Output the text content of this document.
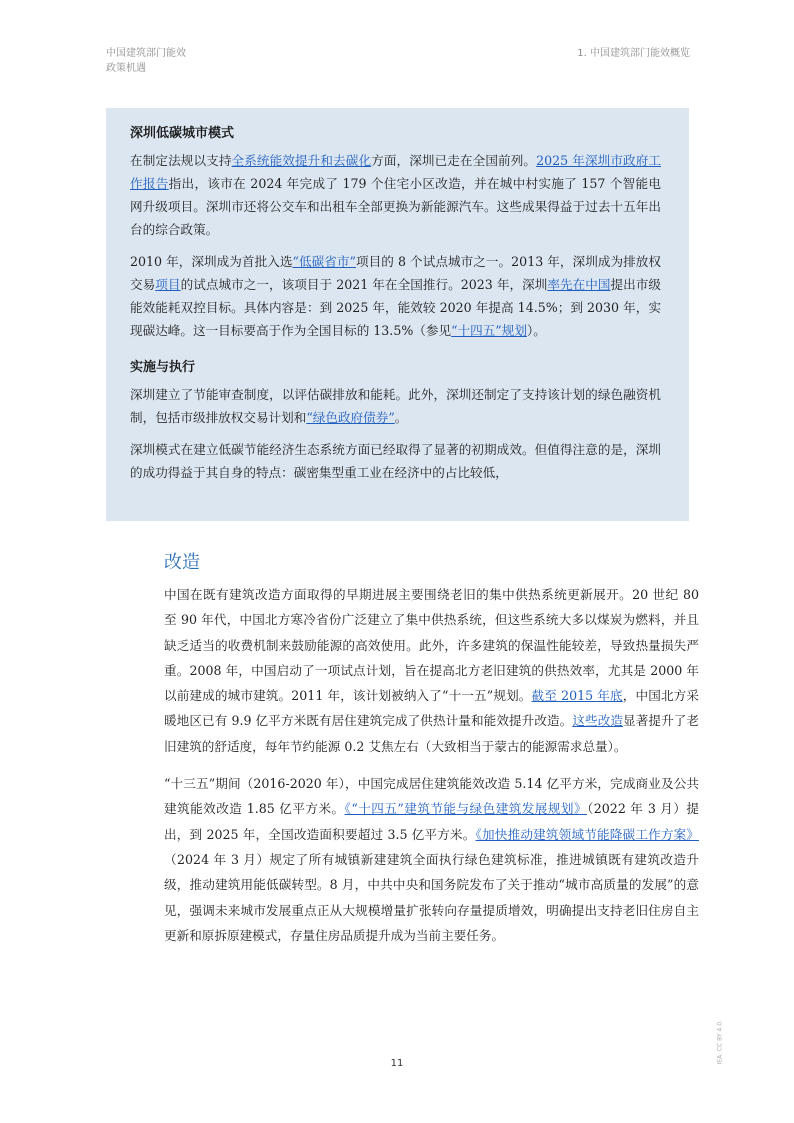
中国建筑部门能效
政策机遇
1. 中国建筑部门能效概览
深圳低碳城市模式

在制定法规以支持全系统能效提升和去碳化方面，深圳已走在全国前列。2025 年深圳市政府工作报告指出，该市在 2024 年完成了 179 个住宅小区改造，并在城中村实施了 157 个智能电网升级项目。深圳市还将公交车和出租车全部更换为新能源汽车。这些成果得益于过去十五年出台的综合政策。

2010 年，深圳成为首批入选“低碳省市”项目的 8 个试点城市之一。2013 年，深圳成为排放权交易项目的试点城市之一，该项目于 2021 年在全国推行。2023 年，深圳率先在中国提出市级能效能耗双控目标。具体内容是：到 2025 年，能效较 2020 年提高 14.5%；到 2030 年，实现碳达峰。这一目标要高于作为全国目标的 13.5%（参见“十四五”规划）。

实施与执行

深圳建立了节能审查制度，以评估碳排放和能耗。此外，深圳还制定了支持该计划的绿色融资机制，包括市级排放权交易计划和“绿色政府债券”。

深圳模式在建立低碳节能经济生态系统方面已经取得了显著的初期成效。但值得注意的是，深圳的成功得益于其自身的特点：碳密集型重工业在经济中的占比较低，

改造

中国在既有建筑改造方面取得的早期进展主要围绕老旧的集中供热系统更新展开。20 世纪 80 至 90 年代，中国北方寒冷省份广泛建立了集中供热系统，但这些系统大多以煤炭为燃料，并且缺乏适当的收费机制来鼓励能源的高效使用。此外，许多建筑的保温性能较差，导致热量损失严重。2008 年，中国启动了一项试点计划，旨在提高北方老旧建筑的供热效率，尤其是 2000 年以前建成的城市建筑。2011 年，该计划被纳入了“十一五”规划。截至 2015 年底，中国北方采暖地区已有 9.9 亿平方米既有居住建筑完成了供热计量和能效提升改造。这些改造显著提升了老旧建筑的舒适度，每年节约能源 0.2 艾焦左右（大致相当于蒙古的能源需求总量）。

“十三五”期间（2016-2020 年），中国完成居住建筑能效改造 5.14 亿平方米，完成商业及公共建筑能效改造 1.85 亿平方米。《“十四五”建筑节能与绿色建筑发展规划》（2022 年 3 月）提出，到 2025 年，全国改造面积要超过 3.5 亿平方米。《加快推动建筑领域节能降碳工作方案》（2024 年 3 月）规定了所有城镇新建建筑全面执行绿色建筑标准，推进城镇既有建筑改造升级，推动建筑用能低碳转型。8 月，中共中央和国务院发布了关于推动“城市高质量的发展”的意见，强调未来城市发展重点正从大规模增量扩张转向存量提质增效，明确提出支持老旧住房自主更新和原拆原建模式，存量住房品质提升成为当前主要任务。

11	IEA. CC BY 4.0.
